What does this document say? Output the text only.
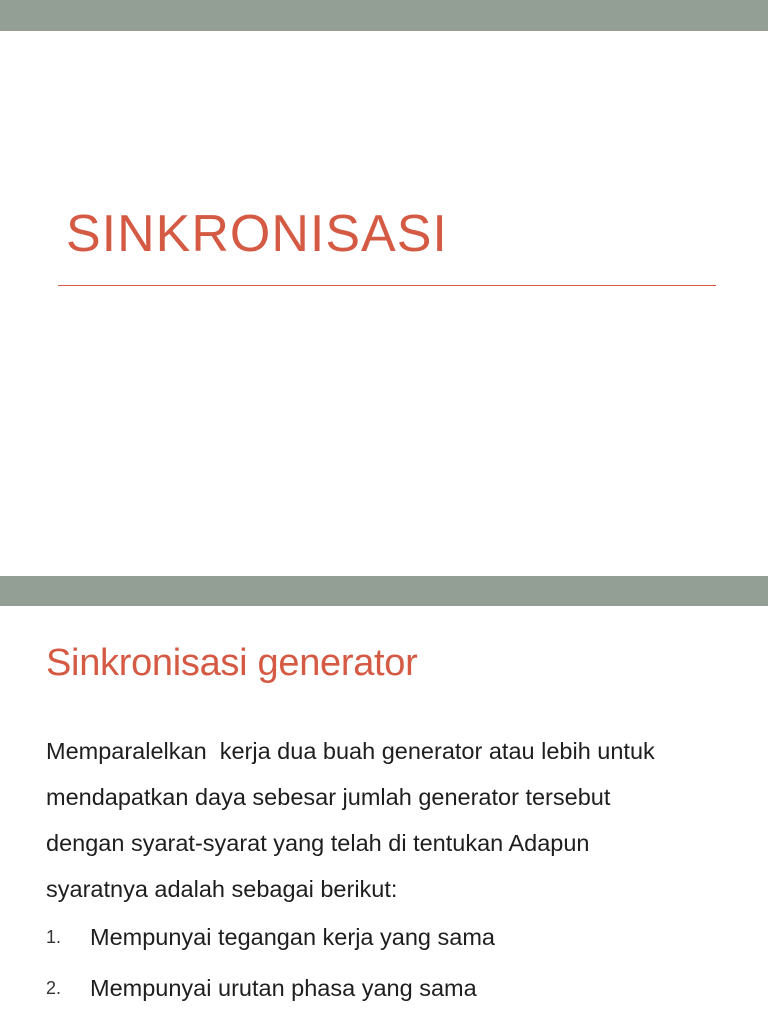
SINKRONISASI
Sinkronisasi generator
Memparalelkan  kerja dua buah generator atau lebih untuk
mendapatkan daya sebesar jumlah generator tersebut
dengan syarat-syarat yang telah di tentukan Adapun
syaratnya adalah sebagai berikut:
1. Mempunyai tegangan kerja yang sama
2. Mempunyai urutan phasa yang sama
